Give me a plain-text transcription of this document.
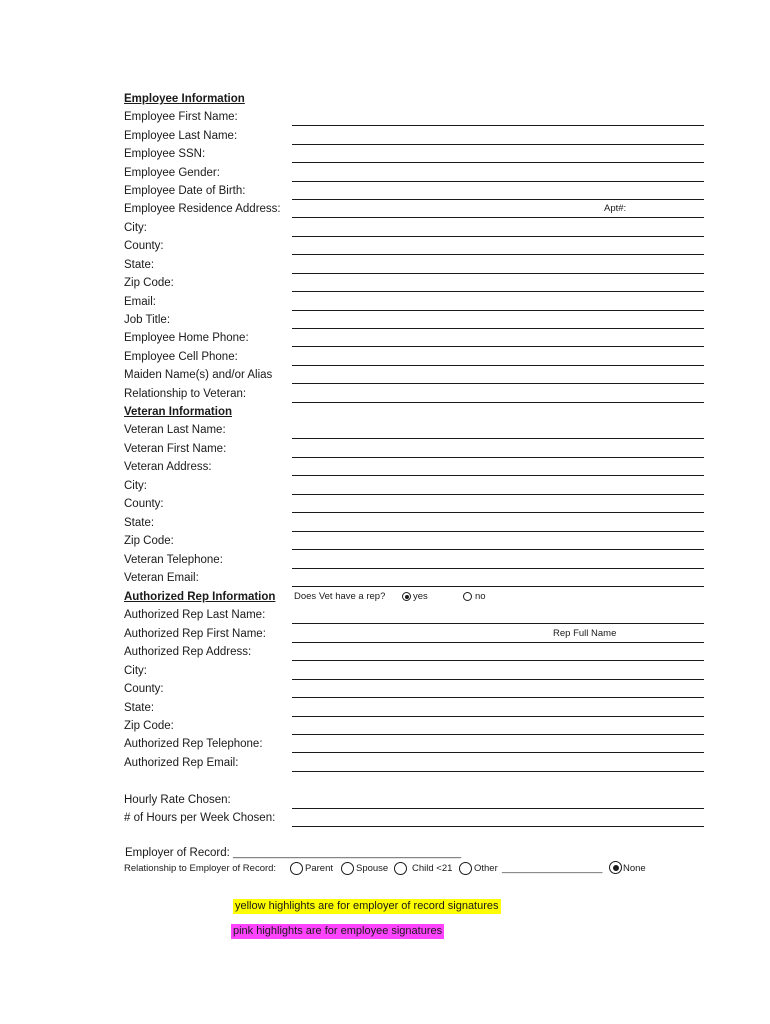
Employee Information
Employee First Name:
Employee Last Name:
Employee SSN:
Employee Gender:
Employee Date of Birth:
Employee Residence Address:	Apt#:
City:
County:
State:
Zip Code:
Email:
Job Title:
Employee Home Phone:
Employee Cell Phone:
Maiden Name(s) and/or Alias
Relationship to Veteran:
Veteran Information
Veteran Last Name:
Veteran First Name:
Veteran Address:
City:
County:
State:
Zip Code:
Veteran Telephone:
Veteran Email:
Authorized Rep Information Does Vet have a rep?	yes	no
Authorized Rep Last Name:
Authorized Rep First Name:	Rep Full Name
Authorized Rep Address:
City:
County:
State:
Zip Code:
Authorized Rep Telephone:
Authorized Rep Email:
Hourly Rate Chosen:
# of Hours per Week Chosen:
Employer of Record: _________________________________________
Relationship to Employer of Record:	Parent Spouse	Child <21 Other ___________________ None
yellow highlights are for employer of record signatures
pink highlights are for employee signatures
